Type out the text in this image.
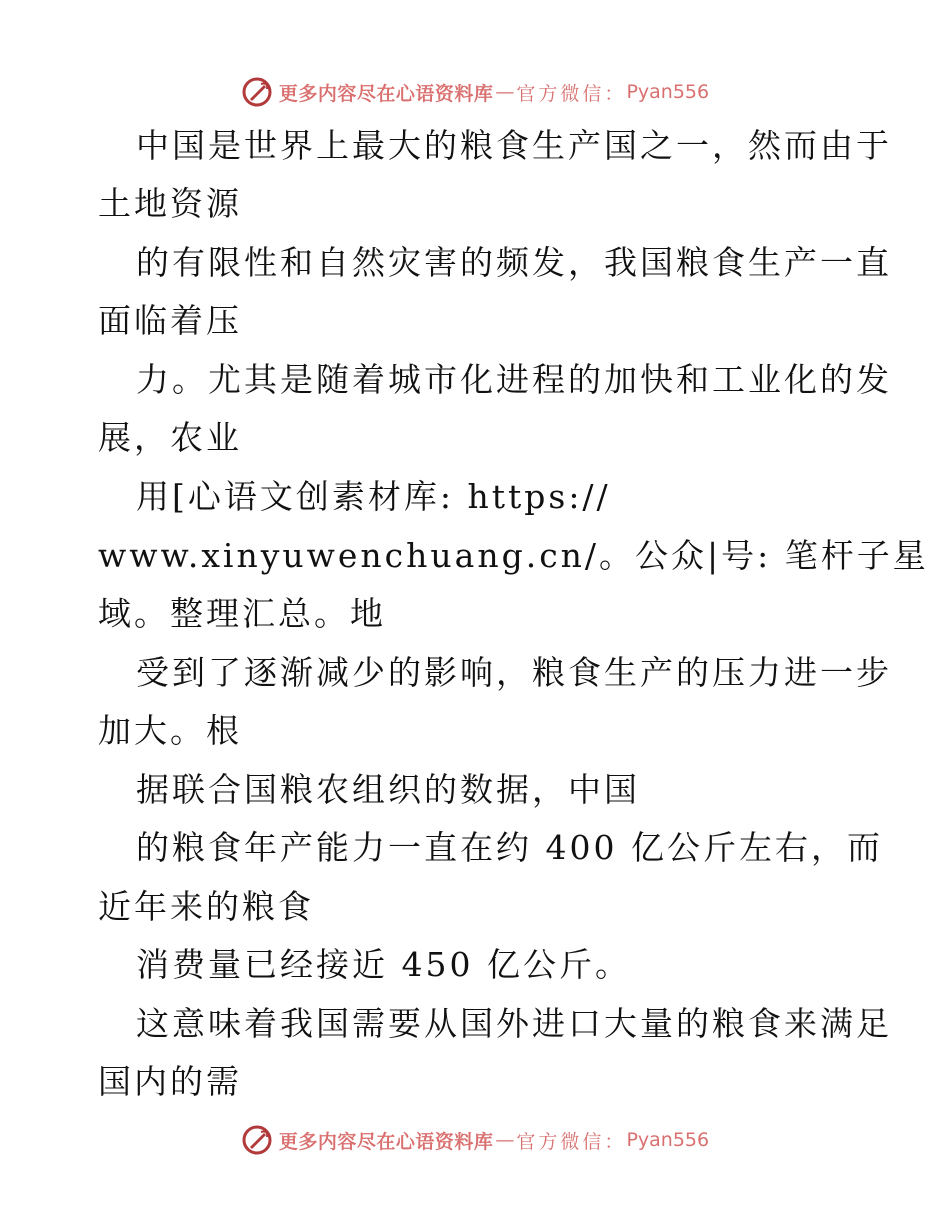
更多内容尽在心语资料库 — 官方微信： Pyan556
中国是世界上最大的粮食生产国之一，然而由于
土地资源
的有限性和自然灾害的频发，我国粮食生产一直
面临着压
力。尤其是随着城市化进程的加快和工业化的发
展，农业
用[心语文创素材库: https://
www.xinyuwenchuang.cn/。公众|号: 笔杆子星
域。整理汇总。地
受到了逐渐减少的影响，粮食生产的压力进一步
加大。根
据联合国粮农组织的数据，中国
的粮食年产能力一直在约 400 亿公斤左右，而
近年来的粮食
消费量已经接近 450 亿公斤。
这意味着我国需要从国外进口大量的粮食来满足
国内的需
更多内容尽在心语资料库 — 官方微信： Pyan556
